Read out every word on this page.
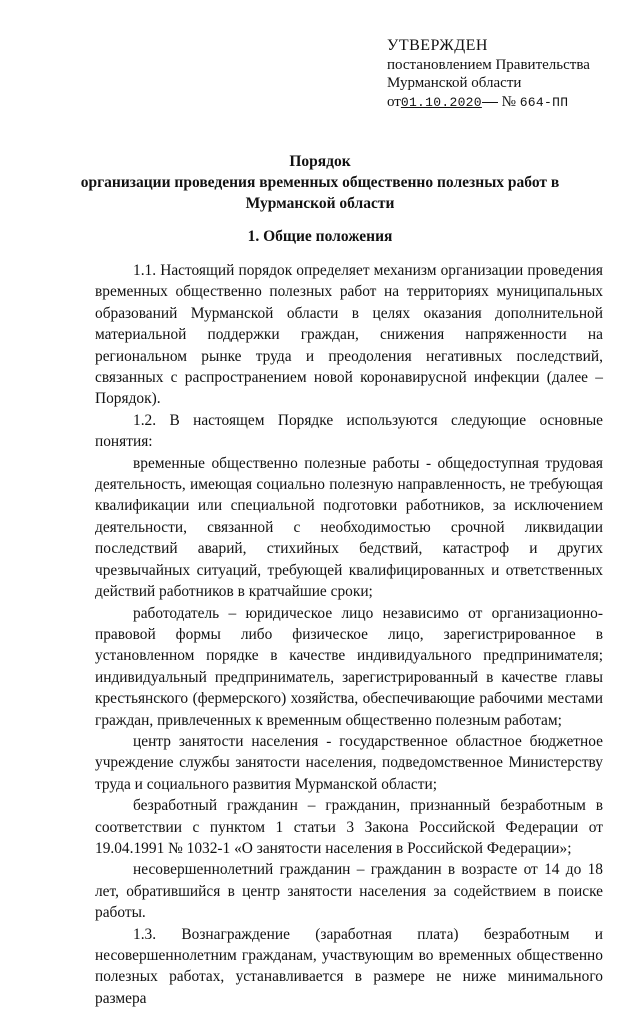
УТВЕРЖДЕН
постановлением Правительства
Мурманской области
от01.10.2020 № 664-ПП
Порядок
организации проведения временных общественно полезных работ в Мурманской области
1. Общие положения

1.1. Настоящий порядок определяет механизм организации проведения временных общественно полезных работ на территориях муниципальных образований Мурманской области в целях оказания дополнительной материальной поддержки граждан, снижения напряженности на региональном рынке труда и преодоления негативных последствий, связанных с распространением новой коронавирусной инфекции (далее – Порядок).

1.2. В настоящем Порядке используются следующие основные понятия:

временные общественно полезные работы - общедоступная трудовая деятельность, имеющая социально полезную направленность, не требующая квалификации или специальной подготовки работников, за исключением деятельности, связанной с необходимостью срочной ликвидации последствий аварий, стихийных бедствий, катастроф и других чрезвычайных ситуаций, требующей квалифицированных и ответственных действий работников в кратчайшие сроки;

работодатель – юридическое лицо независимо от организационно-правовой формы либо физическое лицо, зарегистрированное в установленном порядке в качестве индивидуального предпринимателя; индивидуальный предприниматель, зарегистрированный в качестве главы крестьянского (фермерского) хозяйства, обеспечивающие рабочими местами граждан, привлеченных к временным общественно полезным работам;

центр занятости населения - государственное областное бюджетное учреждение службы занятости населения, подведомственное Министерству труда и социального развития Мурманской области;

безработный гражданин – гражданин, признанный безработным в соответствии с пунктом 1 статьи 3 Закона Российской Федерации от 19.04.1991 № 1032-1 «О занятости населения в Российской Федерации»;

несовершеннолетний гражданин – гражданин в возрасте от 14 до 18 лет, обратившийся в центр занятости населения за содействием в поиске работы.

1.3. Вознаграждение (заработная плата) безработным и несовершеннолетним гражданам, участвующим во временных общественно полезных работах, устанавливается в размере не ниже минимального размера
